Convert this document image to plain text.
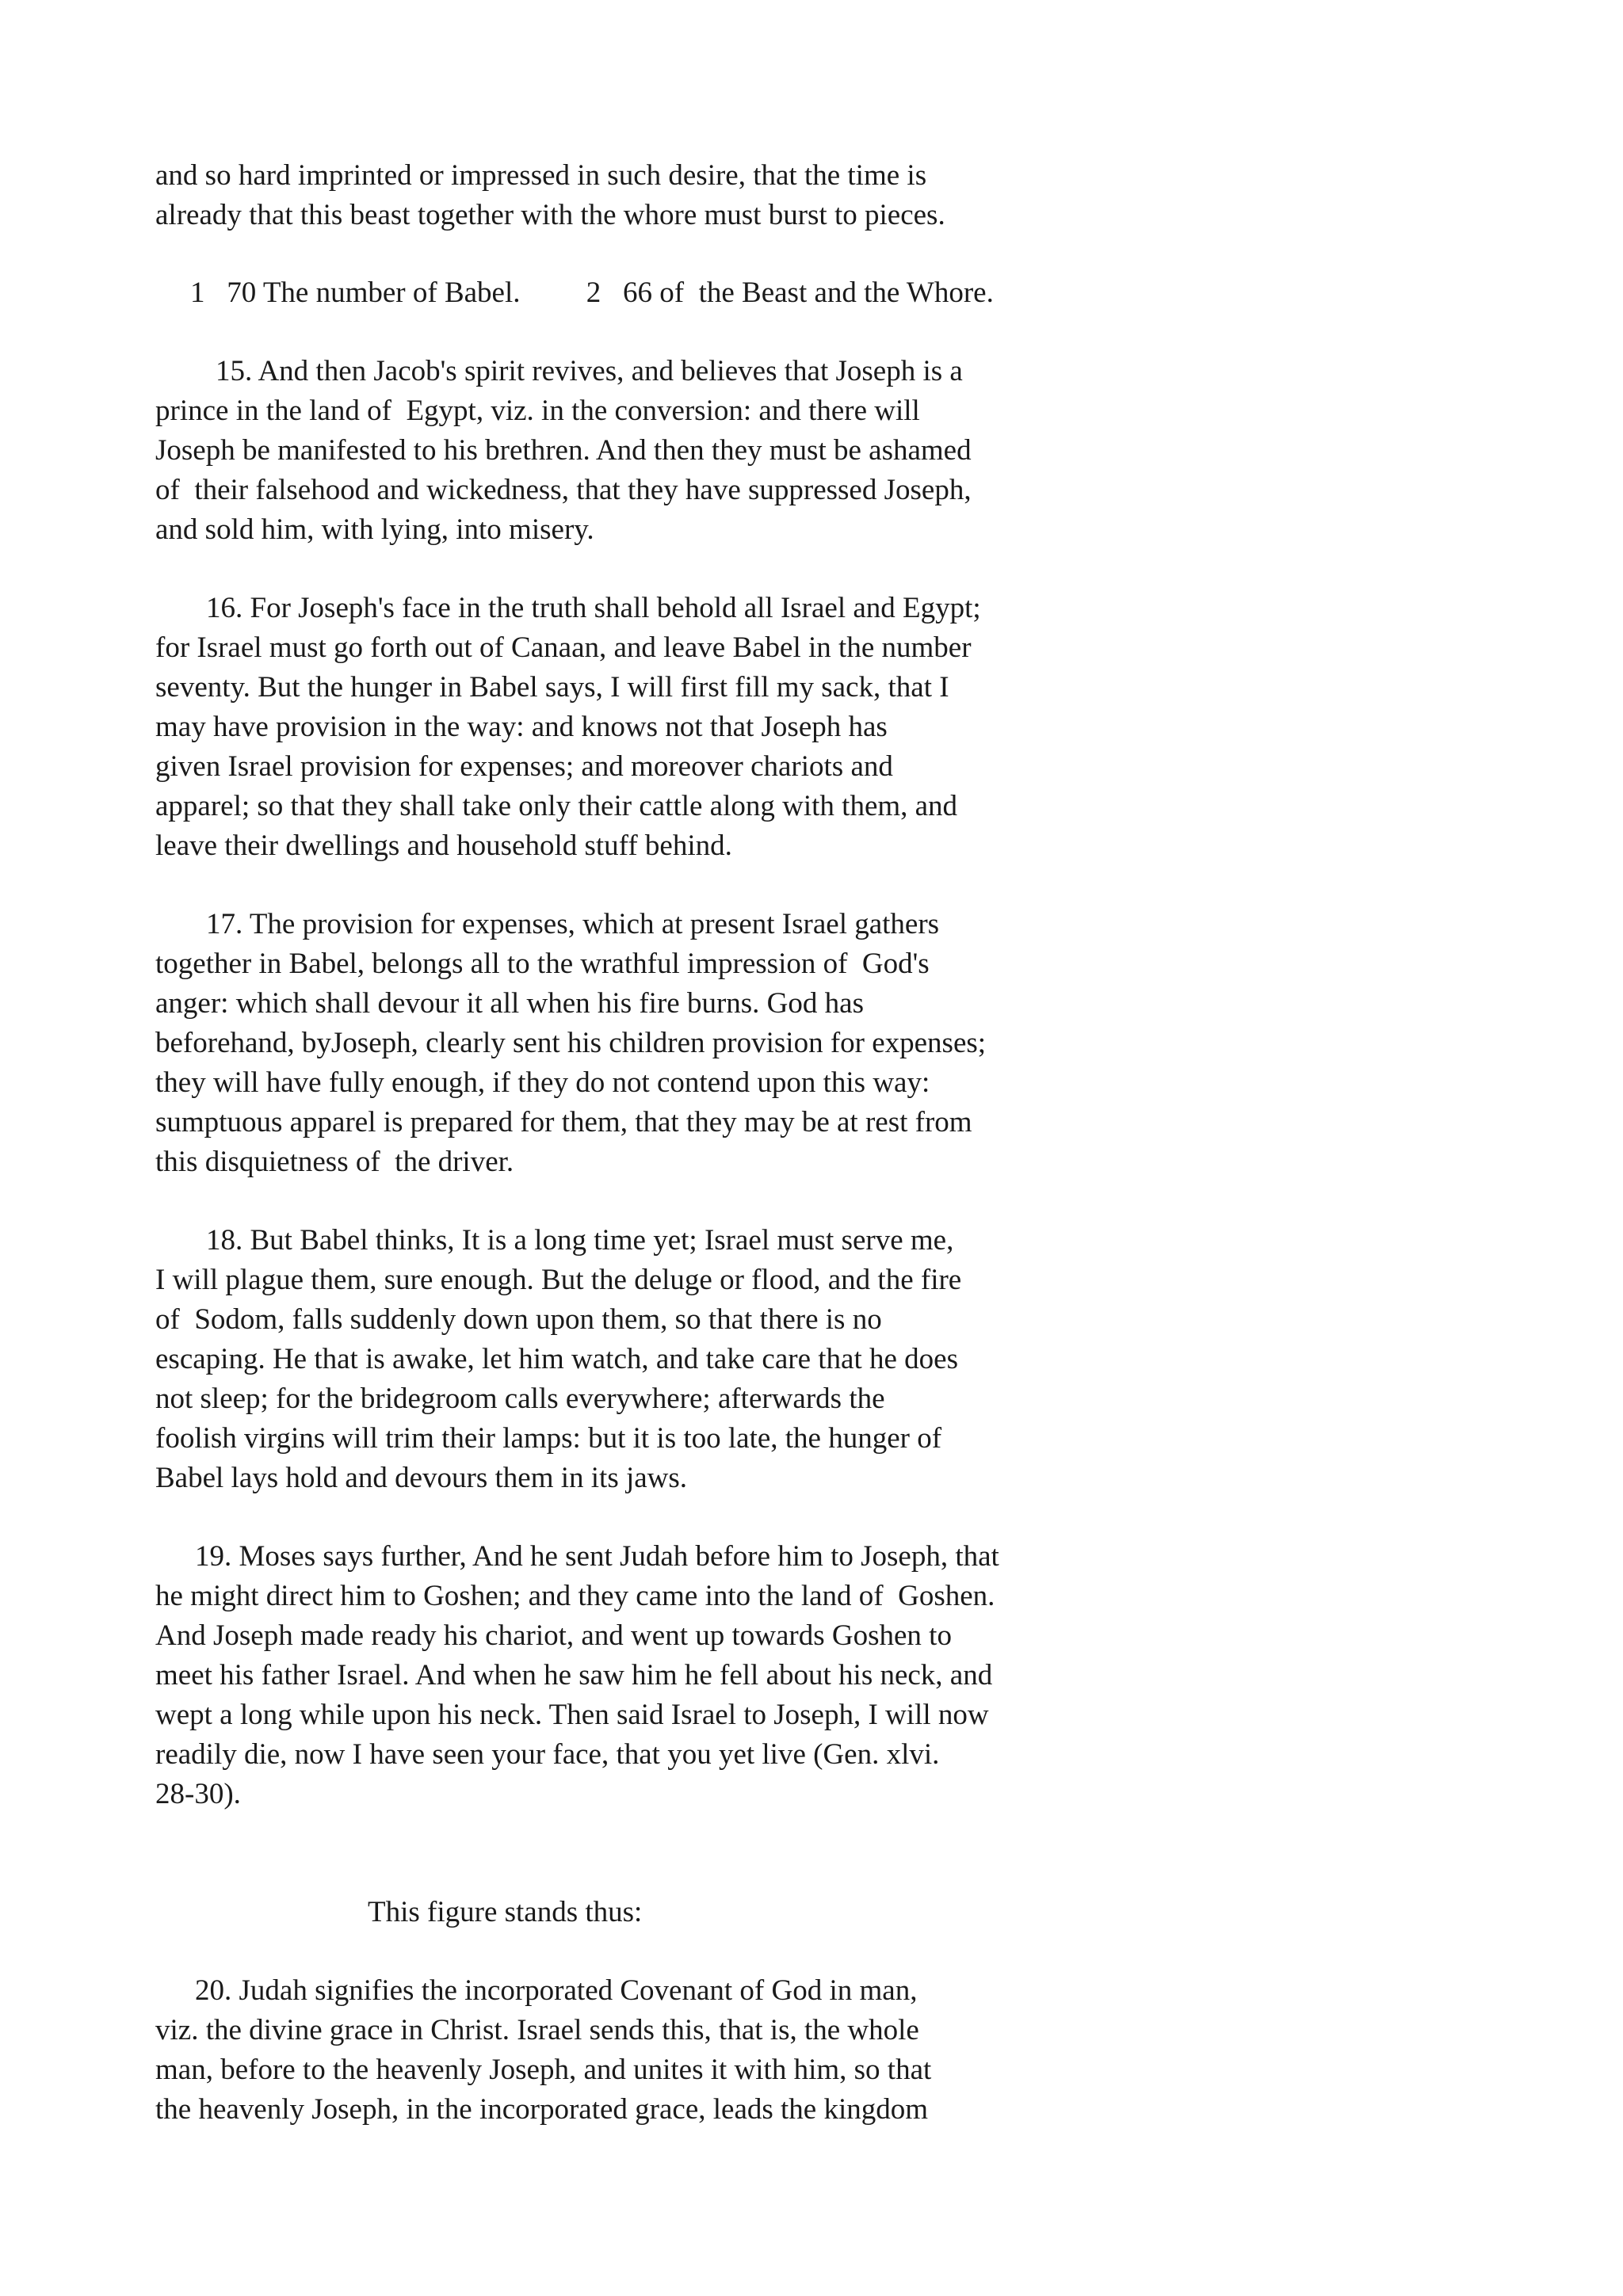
and so hard imprinted or impressed in such desire, that the time is
already that this beast together with the whore must burst to pieces.
1   70 The number of Babel.         2   66 of  the Beast and the Whore.
15. And then Jacob's spirit revives, and believes that Joseph is a
prince in the land of  Egypt, viz. in the conversion: and there will
Joseph be manifested to his brethren. And then they must be ashamed
of  their falsehood and wickedness, that they have suppressed Joseph,
and sold him, with lying, into misery.
16. For Joseph's face in the truth shall behold all Israel and Egypt;
for Israel must go forth out of Canaan, and leave Babel in the number
seventy. But the hunger in Babel says, I will first fill my sack, that I
may have provision in the way: and knows not that Joseph has
given Israel provision for expenses; and moreover chariots and
apparel; so that they shall take only their cattle along with them, and
leave their dwellings and household stuff behind.
17. The provision for expenses, which at present Israel gathers
together in Babel, belongs all to the wrathful impression of  God's
anger: which shall devour it all when his fire burns. God has
beforehand, byJoseph, clearly sent his children provision for expenses;
they will have fully enough, if they do not contend upon this way:
sumptuous apparel is prepared for them, that they may be at rest from
this disquietness of  the driver.
18. But Babel thinks, It is a long time yet; Israel must serve me,
I will plague them, sure enough. But the deluge or flood, and the fire
of  Sodom, falls suddenly down upon them, so that there is no
escaping. He that is awake, let him watch, and take care that he does
not sleep; for the bridegroom calls everywhere; afterwards the
foolish virgins will trim their lamps: but it is too late, the hunger of
Babel lays hold and devours them in its jaws.
19. Moses says further, And he sent Judah before him to Joseph, that
he might direct him to Goshen; and they came into the land of  Goshen.
And Joseph made ready his chariot, and went up towards Goshen to
meet his father Israel. And when he saw him he fell about his neck, and
wept a long while upon his neck. Then said Israel to Joseph, I will now
readily die, now I have seen your face, that you yet live (Gen. xlvi.
28-30).
This figure stands thus:
20. Judah signifies the incorporated Covenant of God in man,
viz. the divine grace in Christ. Israel sends this, that is, the whole
man, before to the heavenly Joseph, and unites it with him, so that
the heavenly Joseph, in the incorporated grace, leads the kingdom
